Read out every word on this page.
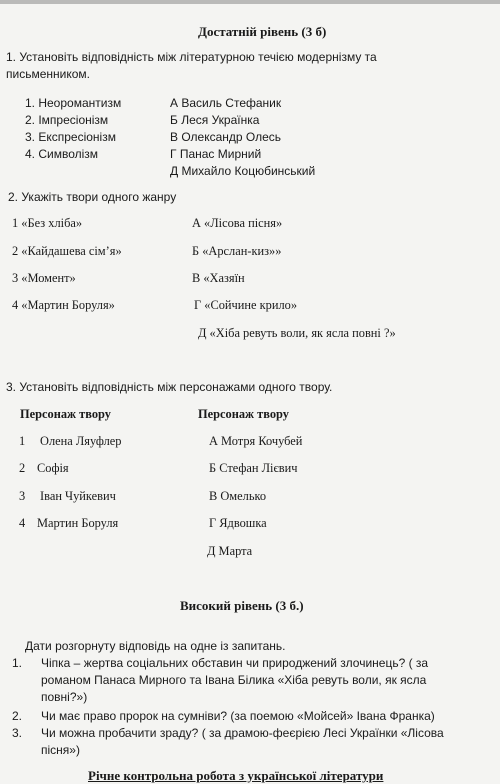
Достатній рівень (3 б)
1. Установіть відповідність між літературною течією модернізму та
письменником.
1. Неоромантизм
2. Імпресіонізм
3. Експресіонізм
4. Символізм
А Василь Стефаник
Б Леся Українка
В Олександр Олесь
Г Панас Мирний
Д Михайло Коцюбинський
2. Укажіть твори одного жанру
1 «Без хліба»
2 «Кайдашева сім’я»
3 «Момент»
4 «Мартин Боруля»
А «Лісова пісня»
Б «Арслан-киз»»
В «Хазяїн
Г «Сойчине крило»
Д «Хіба ревуть воли, як ясла повні ?»
3. Установіть відповідність між персонажами одного твору.
Персонаж твору	Персонаж твору
1 Олена Ляуфлер
2 Софія
3 Іван Чуйкевич
4 Мартин Боруля
А Мотря Кочубей
Б Стефан Лієвич
В Омелько
Г Ядвошка
Д Марта
Високий рівень (3 б.)
Дати розгорнуту відповідь на одне із запитань.
1. Чіпка – жертва соціальних обставин чи природжений злочинець? ( за
романом Панаса Мирного та Івана Білика «Хіба ревуть воли, як ясла
повні?»)
2. Чи має право пророк на сумніви? (за поемою «Мойсей» Івана Франка)
3. Чи можна пробачити зраду? ( за драмою-феєрією Лесі Українки «Лісова
пісня»)
Річне контрольна робота з української літератури
